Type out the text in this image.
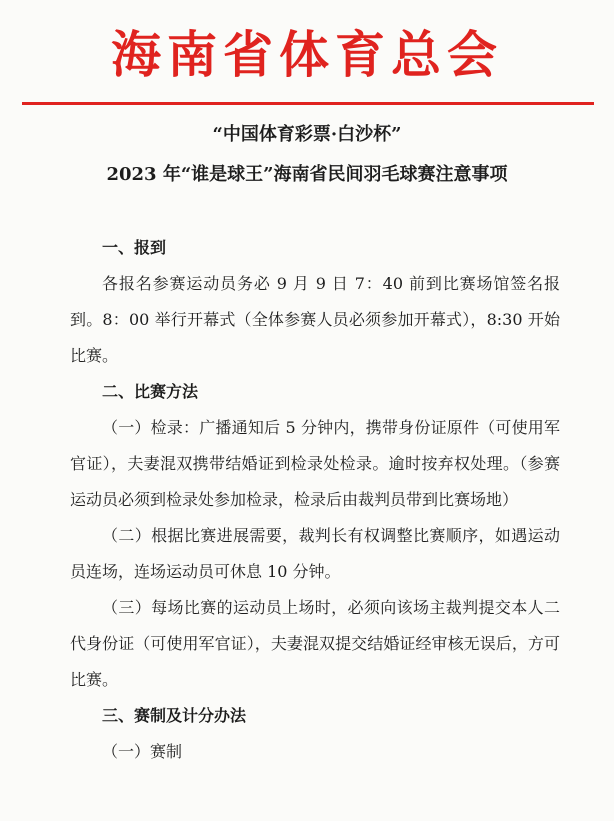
海南省体育总会
“中国体育彩票·白沙杯”
2023 年“谁是球王”海南省民间羽毛球赛注意事项
一、报到
各报名参赛运动员务必 9 月 9 日 7：40 前到比赛场馆签名报到。8：00 举行开幕式（全体参赛人员必须参加开幕式），8:30 开始比赛。
二、比赛方法
（一）检录：广播通知后 5 分钟内，携带身份证原件（可使用军官证），夫妻混双携带结婚证到检录处检录。逾时按弃权处理。（参赛运动员必须到检录处参加检录，检录后由裁判员带到比赛场地）
（二）根据比赛进展需要，裁判长有权调整比赛顺序，如遇运动员连场，连场运动员可休息 10 分钟。
（三）每场比赛的运动员上场时，必须向该场主裁判提交本人二代身份证（可使用军官证），夫妻混双提交结婚证经审核无误后，方可比赛。
三、赛制及计分办法
（一）赛制
